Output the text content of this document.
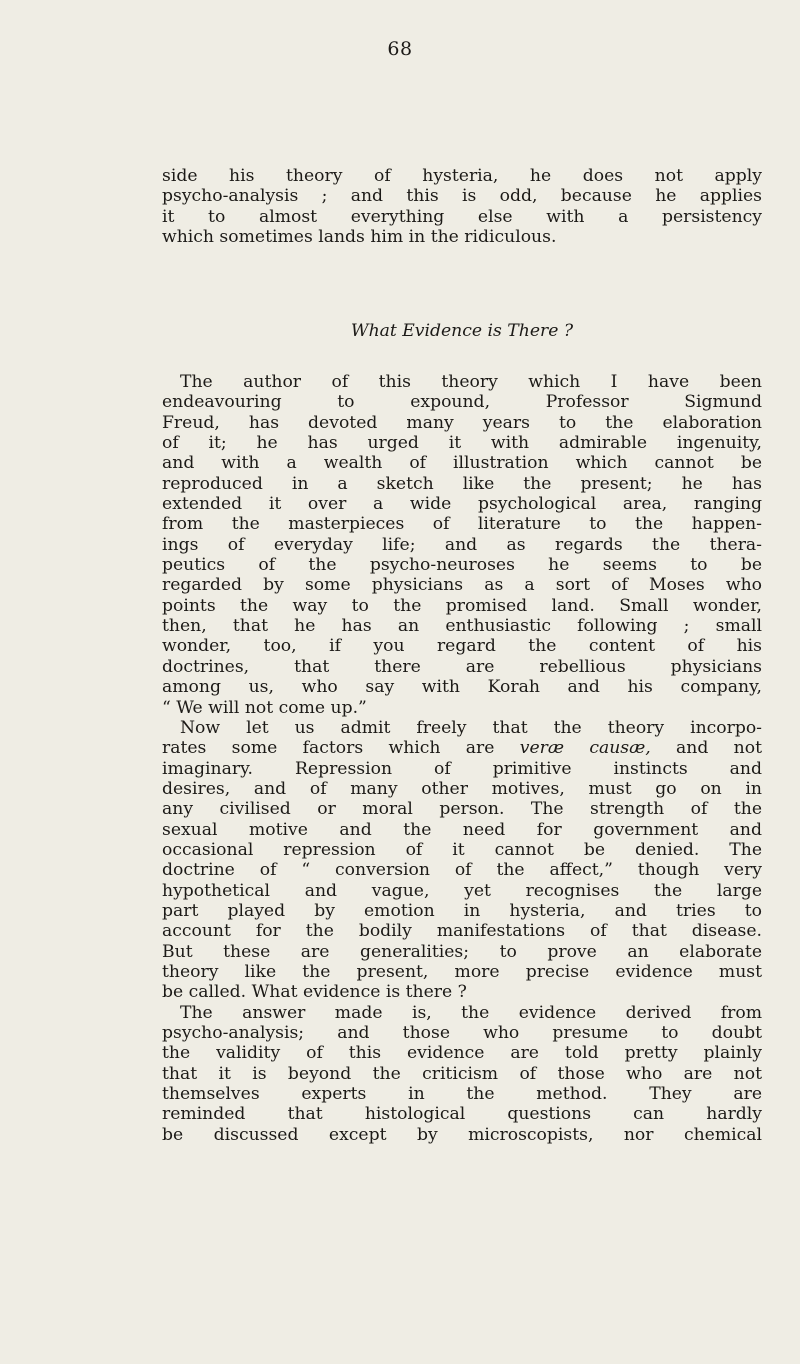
68
side his theory of hysteria, he does not apply
psycho-analysis ; and this is odd, because he applies
it to almost everything else with a persistency
which sometimes lands him in the ridiculous.
What Evidence is There ?
The author of this theory which I have been
endeavouring to expound, Professor Sigmund
Freud, has devoted many years to the elaboration
of it; he has urged it with admirable ingenuity,
and with a wealth of illustration which cannot be
reproduced in a sketch like the present; he has
extended it over a wide psychological area, ranging
from the masterpieces of literature to the happen-
ings of everyday life; and as regards the thera-
peutics of the psycho-neuroses he seems to be
regarded by some physicians as a sort of Moses who
points the way to the promised land. Small wonder,
then, that he has an enthusiastic following ; small
wonder, too, if you regard the content of his
doctrines, that there are rebellious physicians
among us, who say with Korah and his company,
“ We will not come up.”
Now let us admit freely that the theory incorpo-
rates some factors which are veræ causæ, and not
imaginary. Repression of primitive instincts and
desires, and of many other motives, must go on in
any civilised or moral person. The strength of the
sexual motive and the need for government and
occasional repression of it cannot be denied. The
doctrine of “ conversion of the affect,” though very
hypothetical and vague, yet recognises the large
part played by emotion in hysteria, and tries to
account for the bodily manifestations of that disease.
But these are generalities; to prove an elaborate
theory like the present, more precise evidence must
be called. What evidence is there ?
The answer made is, the evidence derived from
psycho-analysis; and those who presume to doubt
the validity of this evidence are told pretty plainly
that it is beyond the criticism of those who are not
themselves experts in the method. They are
reminded that histological questions can hardly
be discussed except by microscopists, nor chemical
